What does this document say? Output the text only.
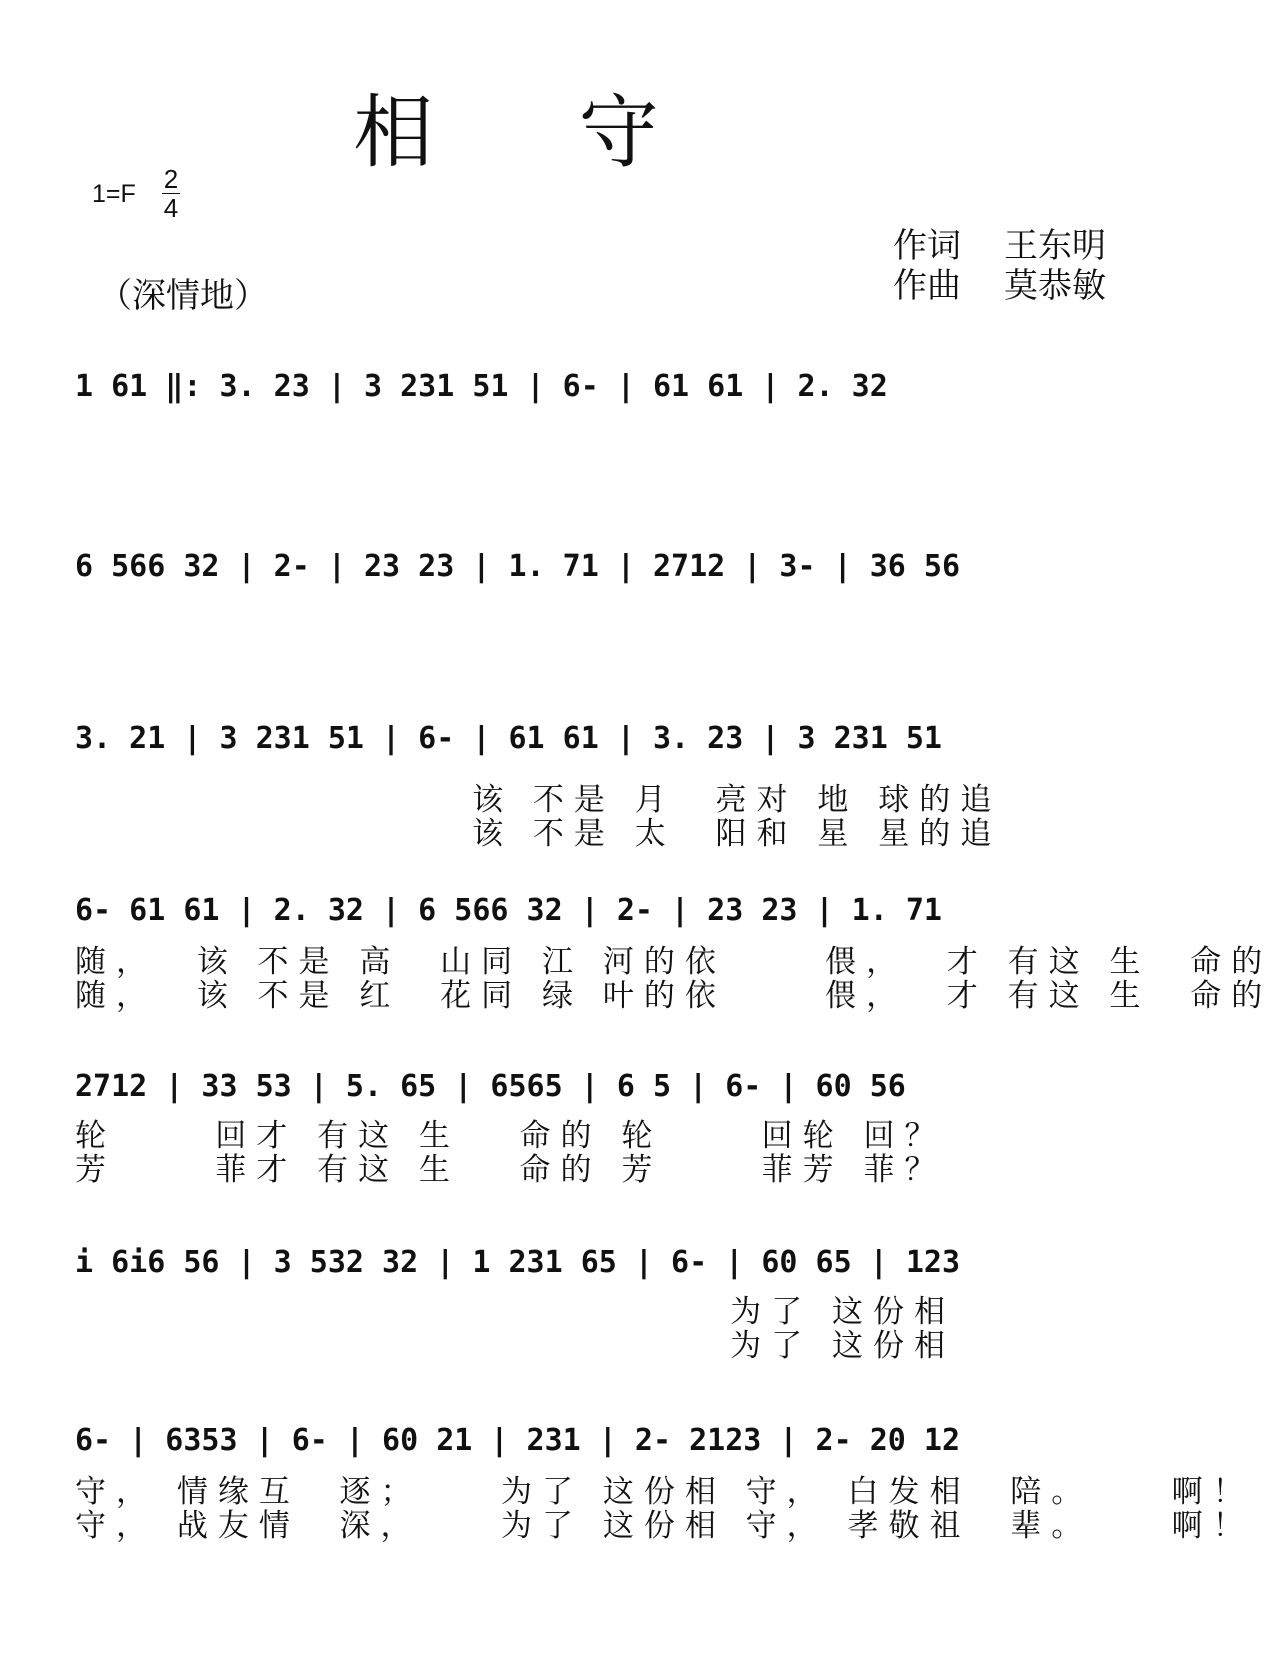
相 守
1=F 2
4
（深情地）
作词 王东明
作曲 莫恭敏
1 61 ‖: 3. 23 | 3 231 51 | 6- | 61 61 | 2. 32
6 566 32 | 2- | 23 23 | 1. 71 | 2712 | 3- | 36 56
3. 21 | 3 231 51 | 6- | 61 61 | 3. 23 | 3 231 51
该 不是 月  亮对 地 球的追
该 不是 太  阳和 星 星的追
6- 61 61 | 2. 32 | 6 566 32 | 2- | 23 23 | 1. 71
随，  该 不是 高  山同 江 河的依     偎，  才 有这 生  命的
随，  该 不是 红  花同 绿 叶的依     偎，  才 有这 生  命的
2712 | 33 53 | 5. 65 | 6565 | 6 5 | 6- | 60 56
轮     回才 有这 生   命的 轮     回轮 回？
芳     菲才 有这 生   命的 芳     菲芳 菲？
i 6i6 56 | 3 532 32 | 1 231 65 | 6- | 60 65 | 123
为了 这份相
为了 这份相
6- | 6353 | 6- | 60 21 | 231 | 2- 2123 | 2- 20 12
守， 情缘互  逐；    为了 这份相 守， 白发相  陪。    啊！
守， 战友情  深，    为了 这份相 守， 孝敬祖  辈。    啊！
